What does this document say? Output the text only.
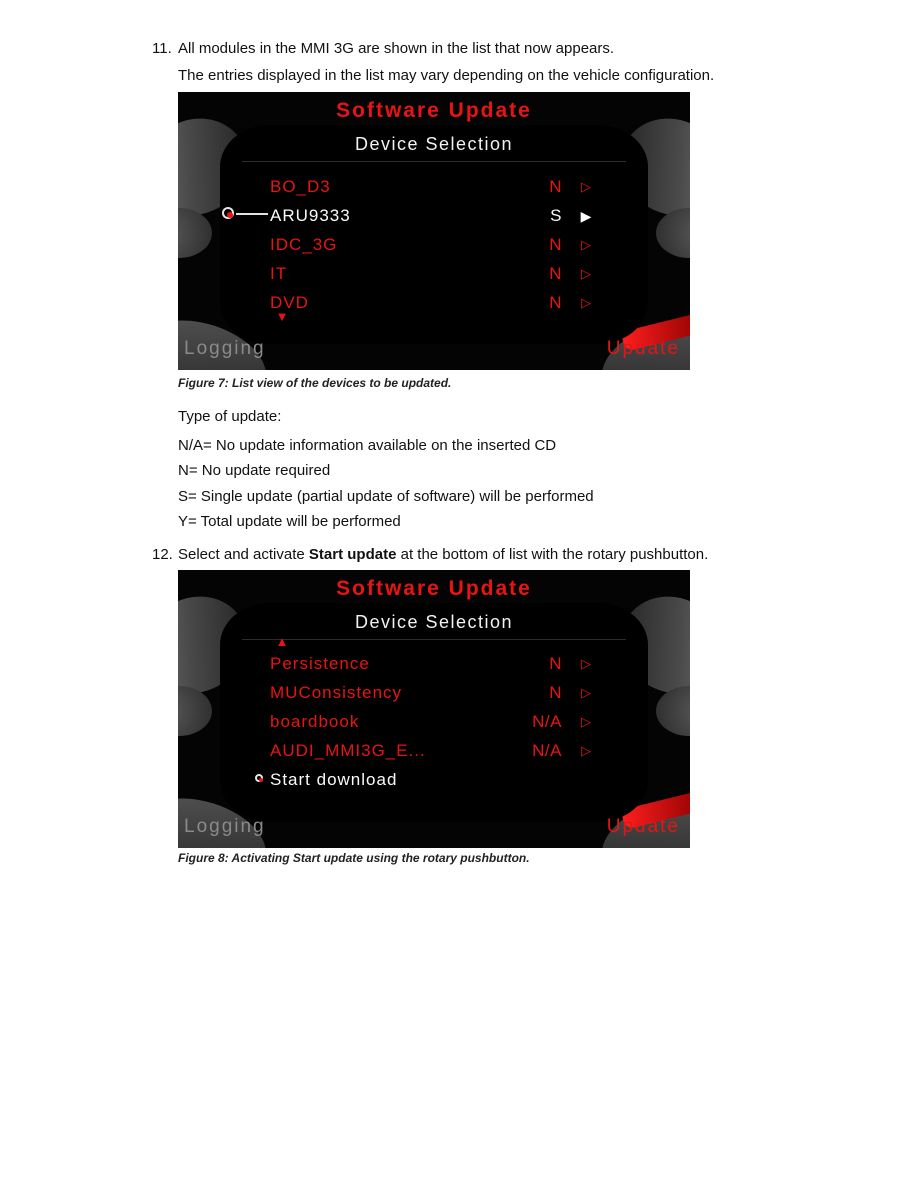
11. All modules in the MMI 3G are shown in the list that now appears.
The entries displayed in the list may vary depending on the vehicle configuration.
Software Update
Device Selection
BO_D3	N	▷
ARU9333	S	▶
IDC_3G	N	▷
IT	N	▷
DVD	N	▷
▼
Logging	Update
Figure 7: List view of the devices to be updated.
Type of update:
N/A= No update information available on the inserted CD
N= No update required
S= Single update (partial update of software) will be performed
Y= Total update will be performed
12. Select and activate Start update at the bottom of list with the rotary pushbutton.
Software Update
Device Selection
▲
Persistence	N	▷
MUConsistency	N	▷
boardbook	N/A	▷
AUDI_MMI3G_E...	N/A	▷
Start download
Logging	Update
Figure 8: Activating Start update using the rotary pushbutton.
